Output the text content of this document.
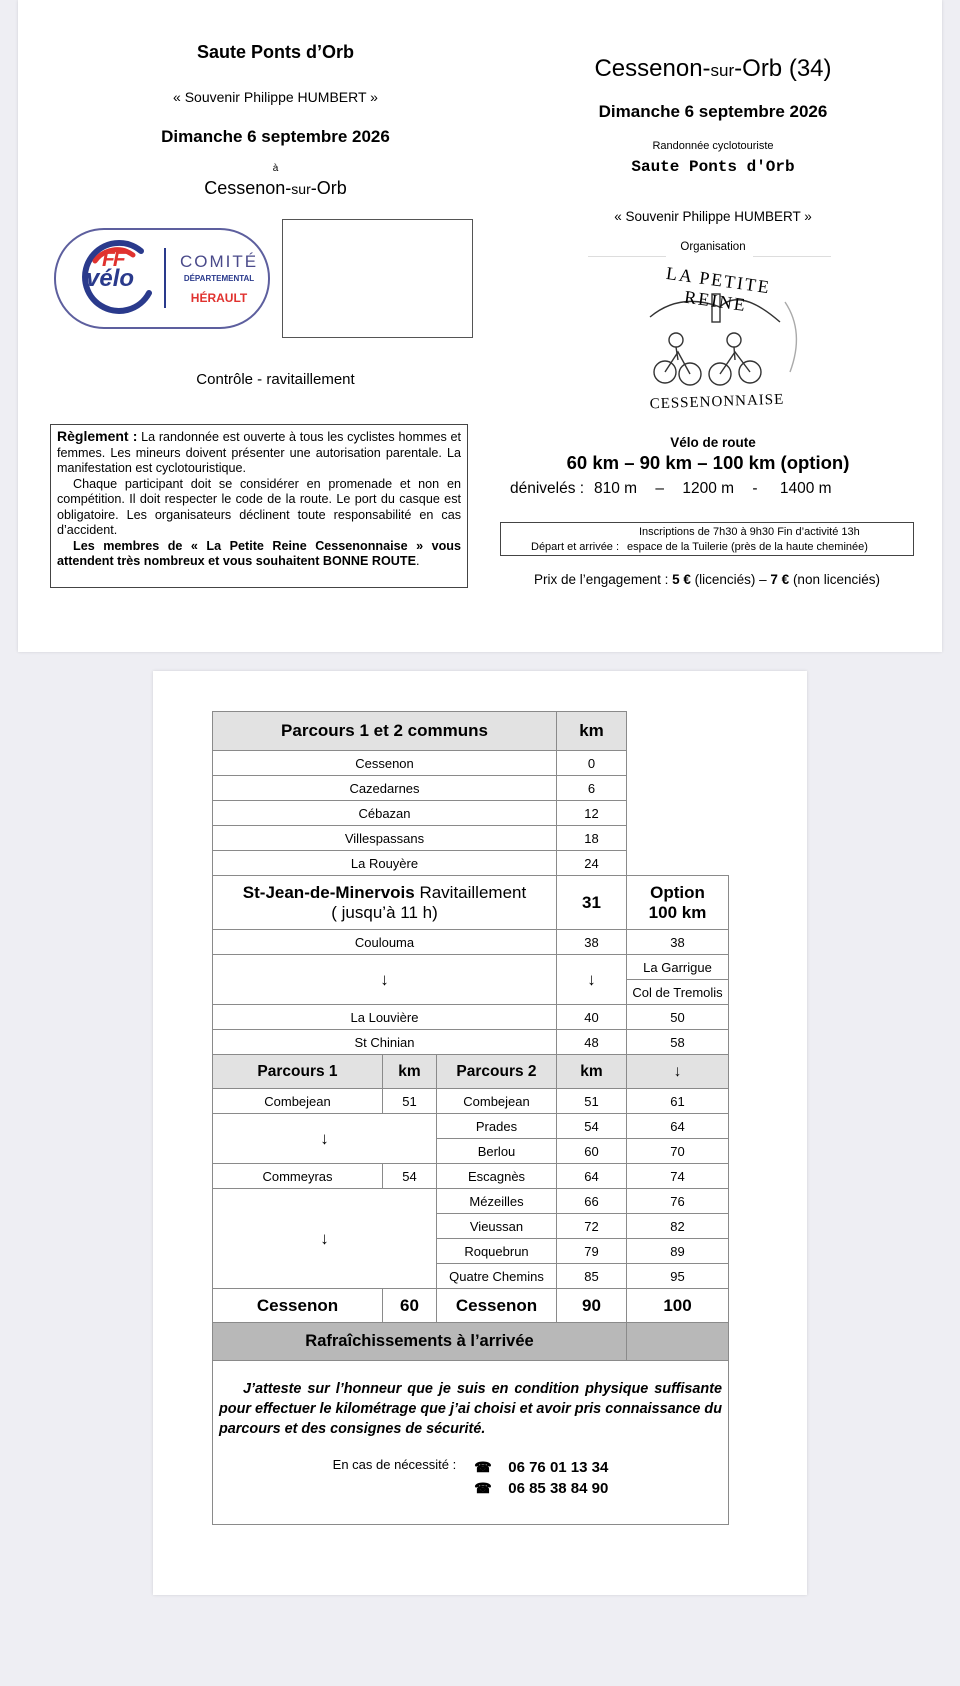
Saute Ponts d’Orb
« Souvenir Philippe HUMBERT »
Dimanche 6 septembre 2026
à
Cessenon-sur-Orb
FF
vélo
COMITÉ
DÉPARTEMENTAL
HÉRAULT
Contrôle - ravitaillement

Règlement : La randonnée est ouverte à tous les cyclistes hommes et femmes. Les mineurs doivent présenter une autorisation parentale. La manifestation est cyclotouristique.

Chaque participant doit se considérer en promenade et non en compétition. Il doit respecter le code de la route. Le port du casque est obligatoire. Les organisateurs déclinent toute responsabilité en cas d’accident.

Les membres de « La Petite Reine Cessenonnaise » vous attendent très nombreux et vous souhaitent BONNE ROUTE.

Cessenon-sur-Orb (34)
Dimanche 6 septembre 2026
Randonnée cyclotouriste
Saute Ponts d'Orb
« Souvenir Philippe HUMBERT »
Organisation
LA PETITE REINE
CESSENONNAISE
Vélo de route
60 km – 90 km – 100 km (option)
dénivelés : 810 m – 1200 m - 1400 m
Inscriptions de 7h30 à 9h30 Fin d’activité 13h
Départ et arrivée : espace de la Tuilerie (près de la haute cheminée)
Prix de l’engagement : 5 € (licenciés) – 7 € (non licenciés)
Parcours 1 et 2 communs			km	
Cessenon			0	
Cazedarnes			6	
Cébazan			12	
Villespassans			18	
La Rouyère			24	
St-Jean-de-Minervois Ravitaillement
( jusqu’à 11 h)			31	Option
100 km
Coulouma			38	38
↓			↓	La Garrigue
				Col de Tremolis
La Louvière			40	50
St Chinian			48	58
Parcours 1	km	Parcours 2	km	↓
Combejean	51	Combejean	51	61
↓		Prades	54	64
		Berlou	60	70
Commeyras	54	Escagnès	64	74
↓		Mézeilles	66	76
		Vieussan	72	82
		Roquebrun	79	89
		Quatre Chemins	85	95
Cessenon	60	Cessenon	90	100
Rafraîchissements à l’arrivée				

J’atteste sur l’honneur que je suis en condition physique suffisante pour effectuer le kilométrage que j’ai choisi et avoir pris connaissance du parcours et des consignes de sécurité.

En cas de nécessité : ☎ 06 76 01 13 34
☎ 06 85 38 84 90				
